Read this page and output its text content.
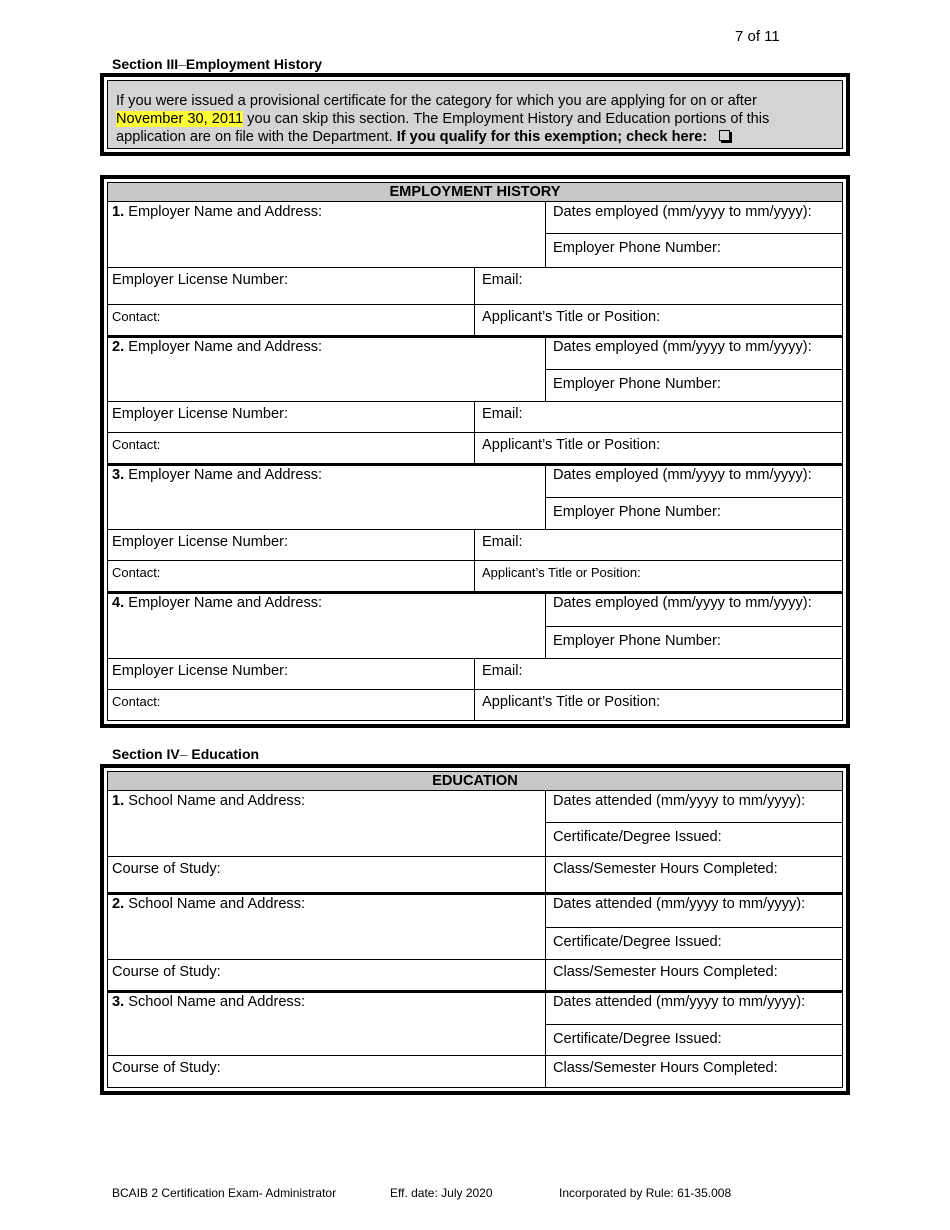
7 of 11
Section III–Employment History
If you were issued a provisional certificate for the category for which you are applying for on or after
November 30, 2011 you can skip this section. The Employment History and Education portions of this
application are on file with the Department. If you qualify for this exemption; check here:
EMPLOYMENT HISTORY
1. Employer Name and Address:	Dates employed (mm/yyyy to mm/yyyy):
Employer Phone Number:
Employer License Number:	Email:
Contact:	Applicant’s Title or Position:
2. Employer Name and Address:	Dates employed (mm/yyyy to mm/yyyy):
Employer Phone Number:
Employer License Number:	Email:
Contact:	Applicant’s Title or Position:
3. Employer Name and Address:	Dates employed (mm/yyyy to mm/yyyy):
Employer Phone Number:
Employer License Number:	Email:
Contact:	Applicant’s Title or Position:
4. Employer Name and Address:	Dates employed (mm/yyyy to mm/yyyy):
Employer Phone Number:
Employer License Number:	Email:
Contact:	Applicant’s Title or Position:
Section IV– Education
EDUCATION
1. School Name and Address:	Dates attended (mm/yyyy to mm/yyyy):
Certificate/Degree Issued:
Course of Study:	Class/Semester Hours Completed:
2. School Name and Address:	Dates attended (mm/yyyy to mm/yyyy):
Certificate/Degree Issued:
Course of Study:	Class/Semester Hours Completed:
3. School Name and Address:	Dates attended (mm/yyyy to mm/yyyy):
Certificate/Degree Issued:
Course of Study:	Class/Semester Hours Completed:
BCAIB 2 Certification Exam- Administrator	Eff. date: July 2020	Incorporated by Rule: 61-35.008
